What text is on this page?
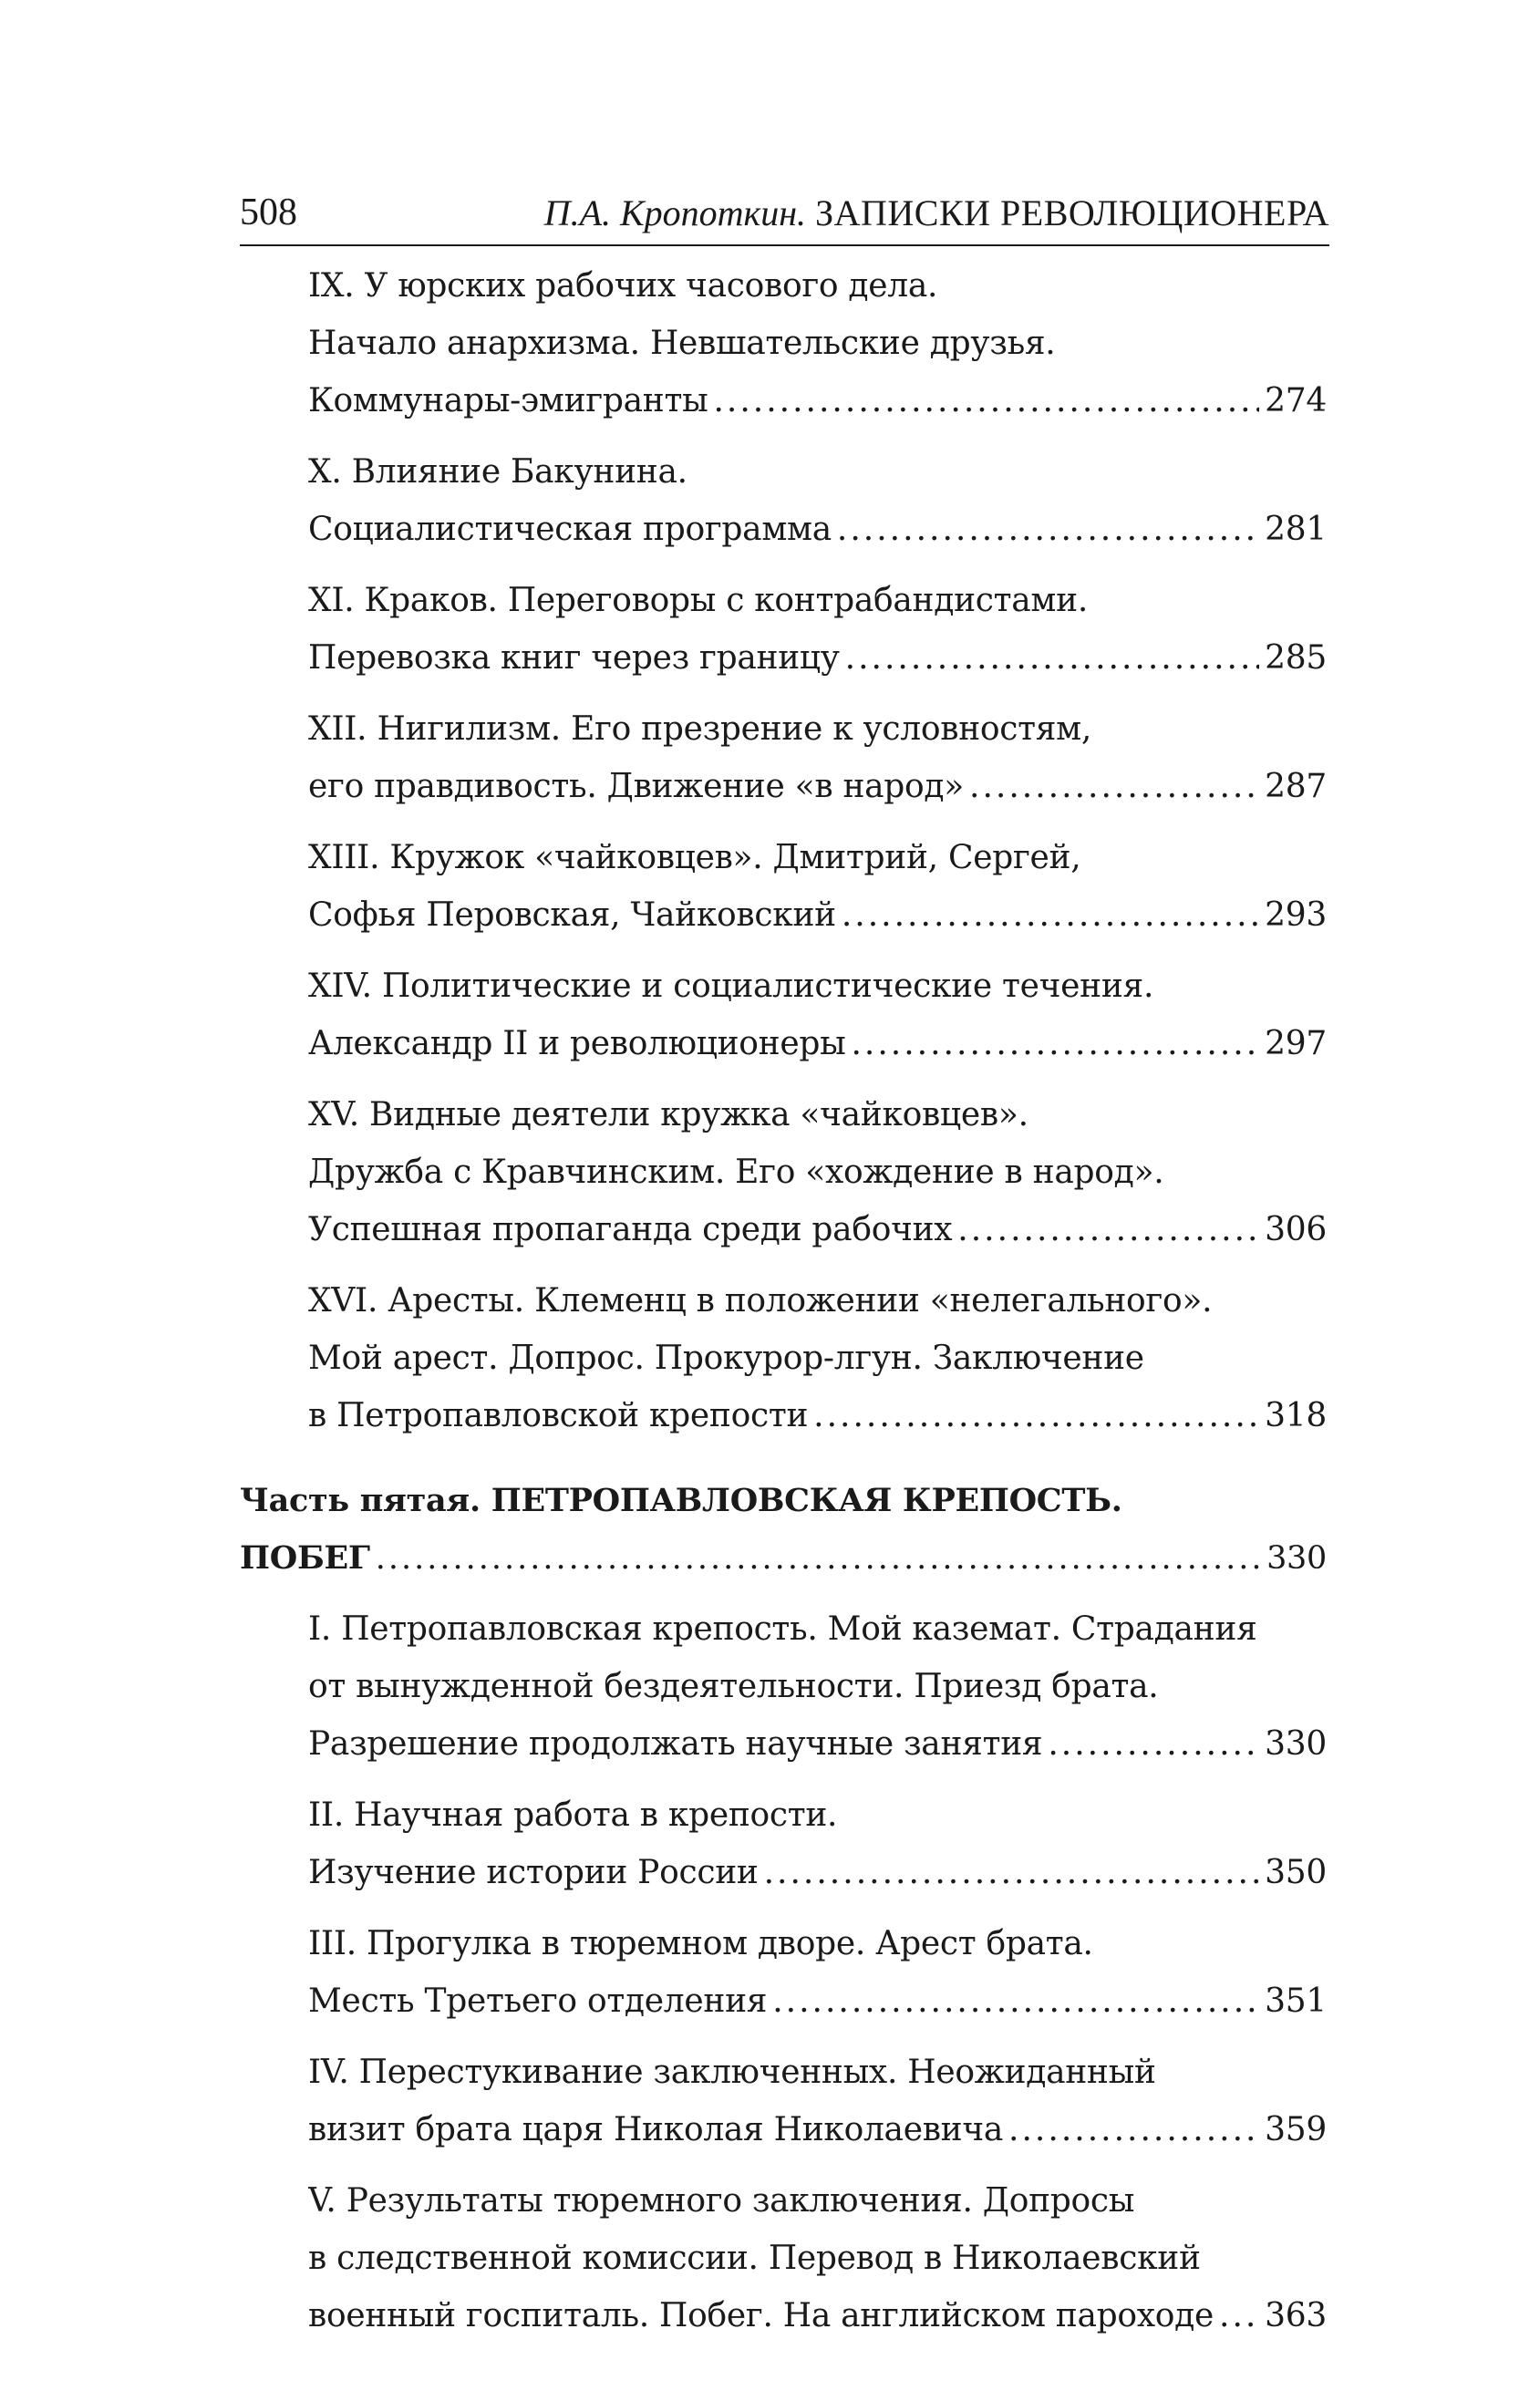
508	П.А. Кропоткин. ЗАПИСКИ РЕВОЛЮЦИОНЕРА
IX. У юрских рабочих часового дела.
Начало анархизма. Невшательские друзья.
Коммунары-эмигранты .....	274
X. Влияние Бакунина.
Социалистическая программа .....	281
XI. Краков. Переговоры с контрабандистами.
Перевозка книг через границу .....	285
XII. Нигилизм. Его презрение к условностям,
его правдивость. Движение «в народ» .....	287
XIII. Кружок «чайковцев». Дмитрий, Сергей,
Софья Перовская, Чайковский .....	293
XIV. Политические и социалистические течения.
Александр II и революционеры .....	297
XV. Видные деятели кружка «чайковцев».
Дружба с Кравчинским. Его «хождение в народ».
Успешная пропаганда среди рабочих .....	306
XVI. Аресты. Клеменц в положении «нелегального».
Мой арест. Допрос. Прокурор-лгун. Заключение
в Петропавловской крепости .....	318
Часть пятая. ПЕТРОПАВЛОВСКАЯ КРЕПОСТЬ.
ПОБЕГ .....	330
I. Петропавловская крепость. Мой каземат. Страдания
от вынужденной бездеятельности. Приезд брата.
Разрешение продолжать научные занятия .....	330
II. Научная работа в крепости.
Изучение истории России .....	350
III. Прогулка в тюремном дворе. Арест брата.
Месть Третьего отделения .....	351
IV. Перестукивание заключенных. Неожиданный
визит брата царя Николая Николаевича .....	359
V. Результаты тюремного заключения. Допросы
в следственной комиссии. Перевод в Николаевский
военный госпиталь. Побег. На английском пароходе ..... 363
